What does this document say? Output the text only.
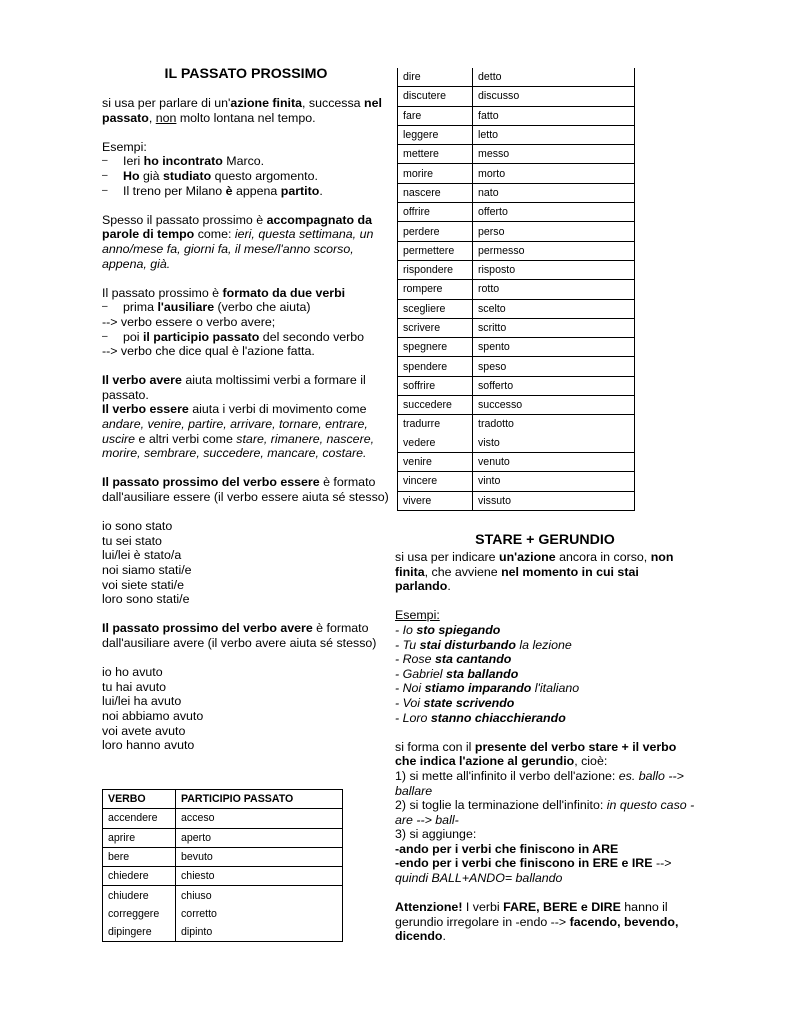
IL PASSATO PROSSIMO

si usa per parlare di un'azione finita, successa nel passato, non molto lontana nel tempo.

Esempi:

– Ieri ho incontrato Marco.
– Ho già studiato questo argomento.
– Il treno per Milano è appena partito.

Spesso il passato prossimo è accompagnato da parole di tempo come: ieri, questa settimana, un anno/mese fa, giorni fa, il mese/l'anno scorso, appena, già.

Il passato prossimo è formato da due verbi

– prima l'ausiliare (verbo che aiuta)

--> verbo essere o verbo avere;

– poi il participio passato del secondo verbo

--> verbo che dice qual è l'azione fatta.

Il verbo avere aiuta moltissimi verbi a formare il passato.

Il verbo essere aiuta i verbi di movimento come andare, venire, partire, arrivare, tornare, entrare, uscire e altri verbi come stare, rimanere, nascere, morire, sembrare, succedere, mancare, costare.

Il passato prossimo del verbo essere è formato dall'ausiliare essere (il verbo essere aiuta sé stesso)

io sono stato
tu sei stato
lui/lei è stato/a
noi siamo stati/e
voi siete stati/e
loro sono stati/e

Il passato prossimo del verbo avere è formato dall'ausiliare avere (il verbo avere aiuta sé stesso)

io ho avuto
tu hai avuto
lui/lei ha avuto
noi abbiamo avuto
voi avete avuto
loro hanno avuto
VERBO	PARTICIPIO PASSATO
accendere	acceso
aprire	aperto
bere	bevuto
chiedere	chiesto
chiudere	chiuso
correggere	corretto
dipingere	dipinto
dire	detto
discutere	discusso
fare	fatto
leggere	letto
mettere	messo
morire	morto
nascere	nato
offrire	offerto
perdere	perso
permettere	permesso
rispondere	risposto
rompere	rotto
scegliere	scelto
scrivere	scritto
spegnere	spento
spendere	speso
soffrire	sofferto
succedere	successo
tradurre	tradotto
vedere	visto
venire	venuto
vincere	vinto
vivere	vissuto
STARE + GERUNDIO

si usa per indicare un'azione ancora in corso, non finita, che avviene nel momento in cui stai parlando.

Esempi:

- Io sto spiegando
- Tu stai disturbando la lezione
- Rose sta cantando
- Gabriel sta ballando
- Noi stiamo imparando l'italiano
- Voi state scrivendo
- Loro stanno chiacchierando

si forma con il presente del verbo stare + il verbo che indica l'azione al gerundio, cioè:

1) si mette all'infinito il verbo dell'azione: es. ballo --> ballare

2) si toglie la terminazione dell'infinito: in questo caso -are --> ball-

3) si aggiunge:

-ando per i verbi che finiscono in ARE

-endo per i verbi che finiscono in ERE e IRE -->

quindi BALL+ANDO= ballando

Attenzione! I verbi FARE, BERE e DIRE hanno il gerundio irregolare in -endo --> facendo, bevendo, dicendo.
